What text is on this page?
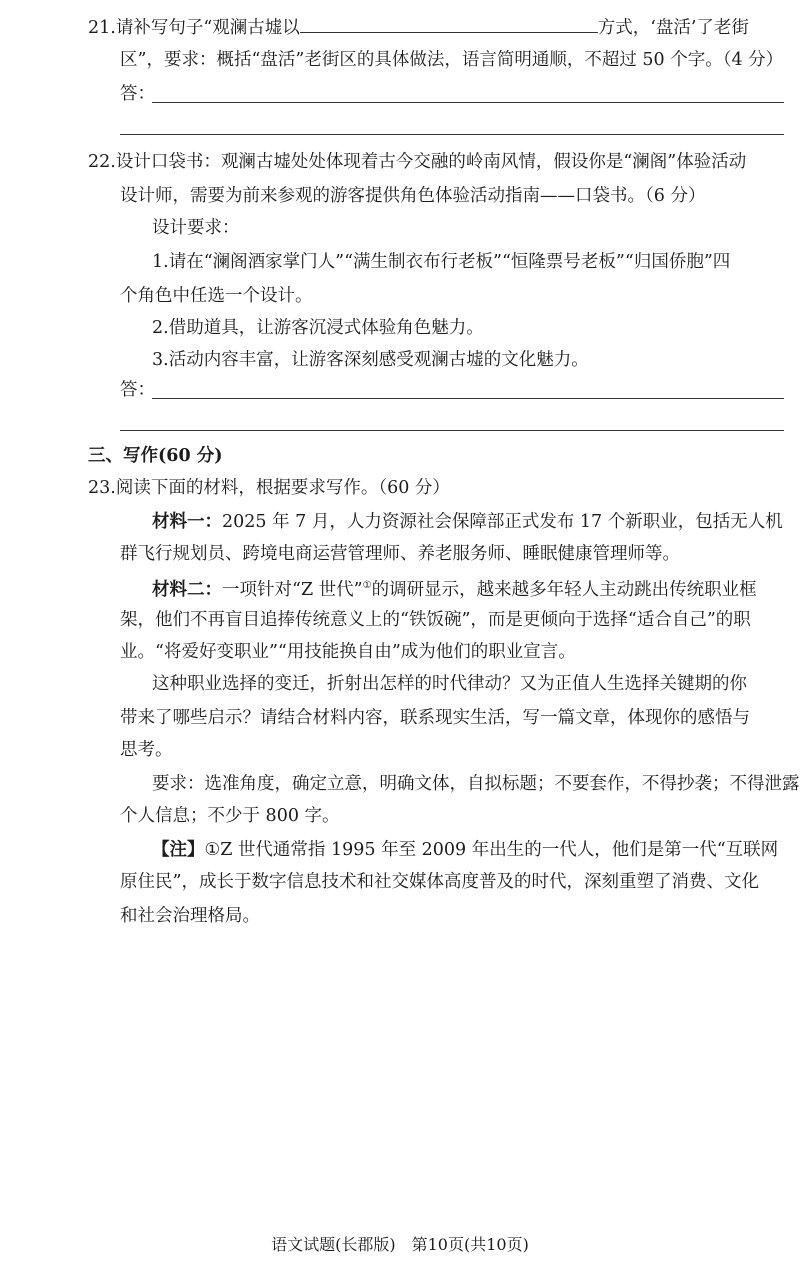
21.请补写句子“观澜古墟以	方式，‘盘活’了老街
区”，要求：概括“盘活”老街区的具体做法，语言简明通顺，不超过 50 个字。（4 分）
答：
22.设计口袋书：观澜古墟处处体现着古今交融的岭南风情，假设你是“澜阁”体验活动
设计师，需要为前来参观的游客提供角色体验活动指南——口袋书。（6 分）
设计要求：
1.请在“澜阁酒家掌门人”“满生制衣布行老板”“恒隆票号老板”“归国侨胞”四
个角色中任选一个设计。
2.借助道具，让游客沉浸式体验角色魅力。
3.活动内容丰富，让游客深刻感受观澜古墟的文化魅力。
答：
三、写作(60 分)
23.阅读下面的材料，根据要求写作。（60 分）
材料一：2025 年 7 月，人力资源社会保障部正式发布 17 个新职业，包括无人机
群飞行规划员、跨境电商运营管理师、养老服务师、睡眠健康管理师等。
材料二：一项针对“Z 世代”①的调研显示，越来越多年轻人主动跳出传统职业框
架，他们不再盲目追捧传统意义上的“铁饭碗”，而是更倾向于选择“适合自己”的职
业。“将爱好变职业”“用技能换自由”成为他们的职业宣言。
这种职业选择的变迁，折射出怎样的时代律动？又为正值人生选择关键期的你
带来了哪些启示？请结合材料内容，联系现实生活，写一篇文章，体现你的感悟与
思考。
要求：选准角度，确定立意，明确文体，自拟标题；不要套作，不得抄袭；不得泄露
个人信息；不少于 800 字。
【注】①Z 世代通常指 1995 年至 2009 年出生的一代人，他们是第一代“互联网
原住民”，成长于数字信息技术和社交媒体高度普及的时代，深刻重塑了消费、文化
和社会治理格局。
语文试题(长郡版)　第10页(共10页)
